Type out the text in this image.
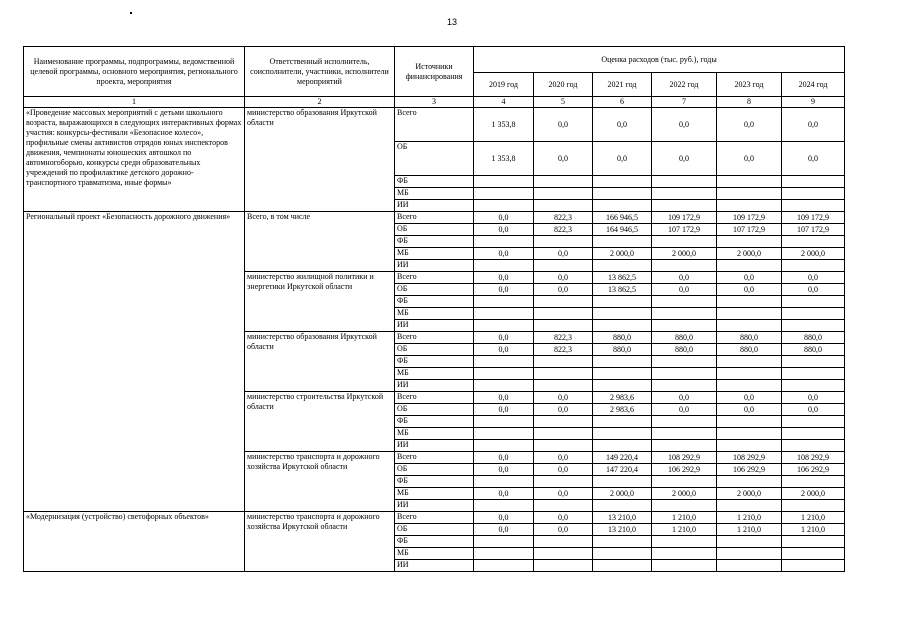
13
Наименование программы, подпрограммы, ведомственной целевой программы, основного мероприятия, регионального проекта, мероприятия	Ответственный исполнитель, соисполнители, участники, исполнители мероприятий	Источники финансирования	Оценка расходов (тыс. руб.), годы					
			2019 год	2020 год	2021 год	2022 год	2023 год	2024 год
1	2	3	4	5	6	7	8	9
«Проведение массовых мероприятий с детьми школьного возраста, выражающихся в следующих интерактивных формах участия: конкурсы-фестивали «Безопасное колесо», профильные смены активистов отрядов юных инспекторов движения, чемпионаты юношеских автошкол по автомногоборью, конкурсы среди образовательных учреждений по профилактике детского дорожно-транспортного травматизма, иные формы»	министерство образования Иркутской области	Всего	1 353,8	0,0	0,0	0,0	0,0	0,0
		ОБ	1 353,8	0,0	0,0	0,0	0,0	0,0
		ФБ						
		МБ						
		ИИ						
Региональный проект «Безопасность дорожного движения»	Всего, в том числе	Всего	0,0	822,3	166 946,5	109 172,9	109 172,9	109 172,9
		ОБ	0,0	822,3	164 946,5	107 172,9	107 172,9	107 172,9
		ФБ						
		МБ	0,0	0,0	2 000,0	2 000,0	2 000,0	2 000,0
		ИИ						
	министерство жилищной политики и энергетики Иркутской области	Всего	0,0	0,0	13 862,5	0,0	0,0	0,0
		ОБ	0,0	0,0	13 862,5	0,0	0,0	0,0
		ФБ						
		МБ						
		ИИ						
	министерство образования Иркутской области	Всего	0,0	822,3	880,0	880,0	880,0	880,0
		ОБ	0,0	822,3	880,0	880,0	880,0	880,0
		ФБ						
		МБ						
		ИИ						
	министерство строительства Иркутской области	Всего	0,0	0,0	2 983,6	0,0	0,0	0,0
		ОБ	0,0	0,0	2 983,6	0,0	0,0	0,0
		ФБ						
		МБ						
		ИИ						
	министерство транспорта и дорожного хозяйства Иркутской области	Всего	0,0	0,0	149 220,4	108 292,9	108 292,9	108 292,9
		ОБ	0,0	0,0	147 220,4	106 292,9	106 292,9	106 292,9
		ФБ						
		МБ	0,0	0,0	2 000,0	2 000,0	2 000,0	2 000,0
		ИИ						
«Модернизация (устройство) светофорных объектов»	министерство транспорта и дорожного хозяйства Иркутской области	Всего	0,0	0,0	13 210,0	1 210,0	1 210,0	1 210,0
		ОБ	0,0	0,0	13 210,0	1 210,0	1 210,0	1 210,0
		ФБ						
		МБ						
		ИИ						
